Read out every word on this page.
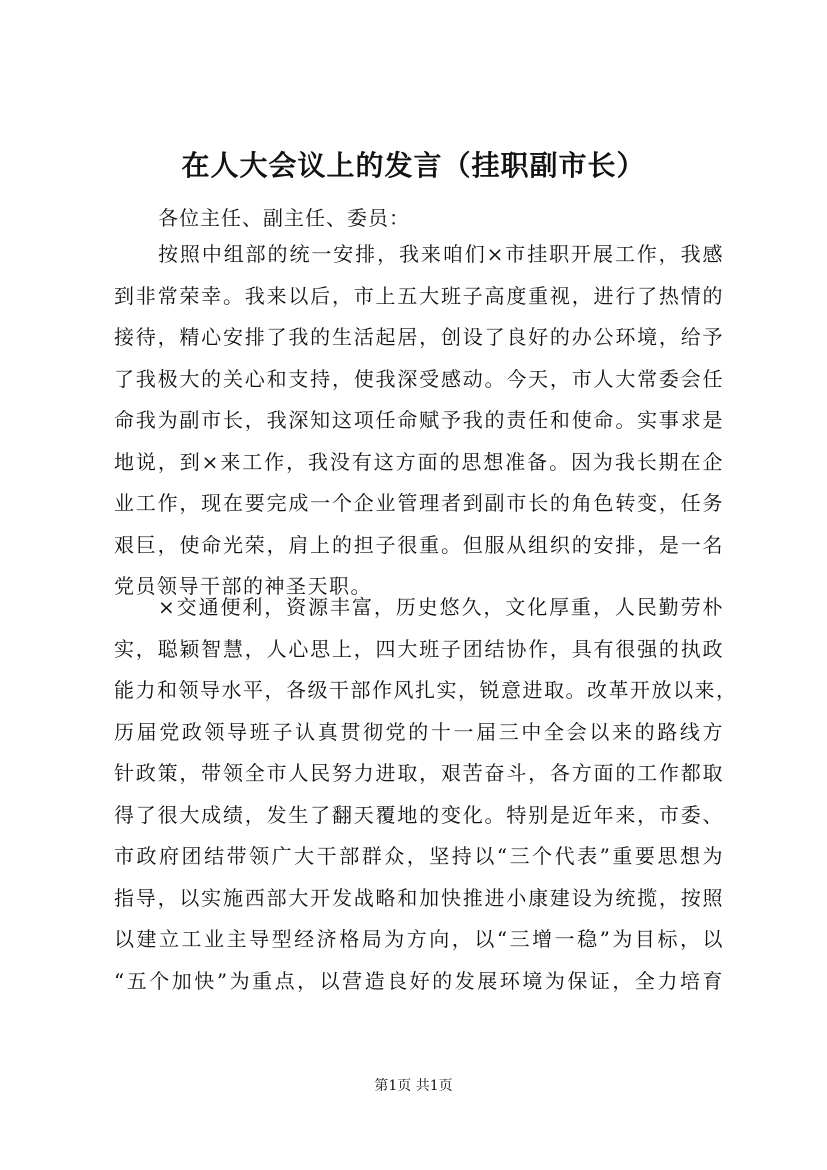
在人大会议上的发言（挂职副市长）
各位主任、副主任、委员：
按照中组部的统一安排，我来咱们×市挂职开展工作，我感
到非常荣幸。我来以后，市上五大班子高度重视，进行了热情的
接待，精心安排了我的生活起居，创设了良好的办公环境，给予
了我极大的关心和支持，使我深受感动。今天，市人大常委会任
命我为副市长，我深知这项任命赋予我的责任和使命。实事求是
地说，到×来工作，我没有这方面的思想准备。因为我长期在企
业工作，现在要完成一个企业管理者到副市长的角色转变，任务
艰巨，使命光荣，肩上的担子很重。但服从组织的安排，是一名
党员领导干部的神圣天职。
×交通便利，资源丰富，历史悠久，文化厚重，人民勤劳朴
实，聪颖智慧，人心思上，四大班子团结协作，具有很强的执政
能力和领导水平，各级干部作风扎实，锐意进取。改革开放以来，
历届党政领导班子认真贯彻党的十一届三中全会以来的路线方
针政策，带领全市人民努力进取，艰苦奋斗，各方面的工作都取
得了很大成绩，发生了翻天覆地的变化。特别是近年来，市委、
市政府团结带领广大干部群众，坚持以“三个代表”重要思想为
指导，以实施西部大开发战略和加快推进小康建设为统揽，按照
以建立工业主导型经济格局为方向，以“三增一稳”为目标，以
“五个加快”为重点，以营造良好的发展环境为保证，全力培育
第1页 共1页
